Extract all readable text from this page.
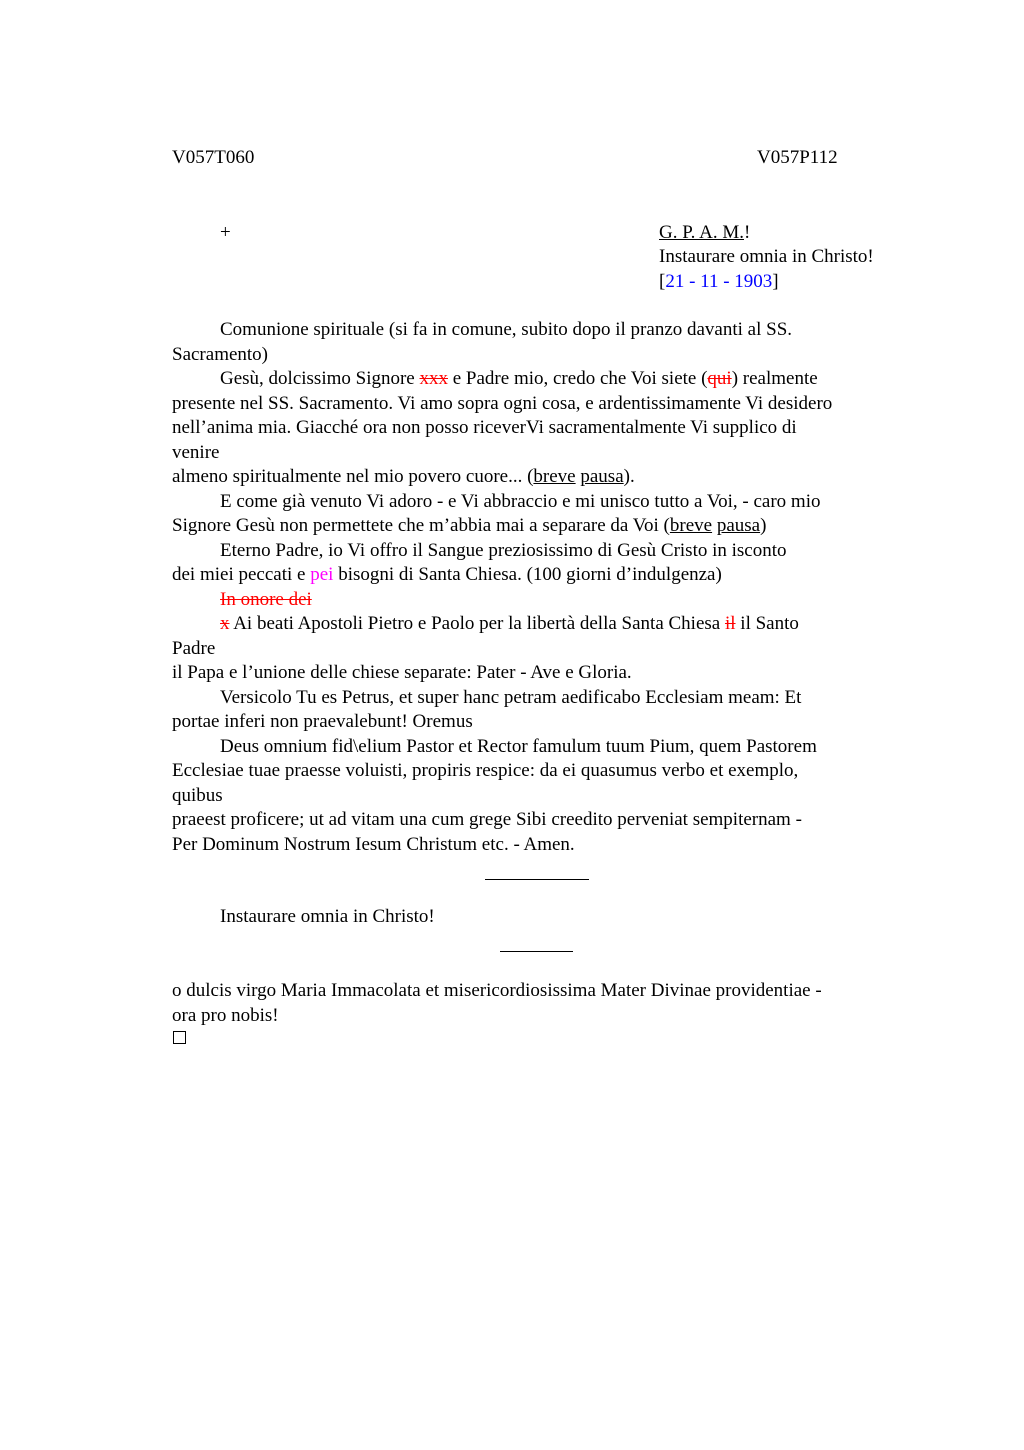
V057T060	V057P112
+	G. P. A. M.!
Instaurare omnia in Christo!
[21 - 11 - 1903]
Comunione spirituale (si fa in comune, subito dopo il pranzo davanti al SS.
Sacramento)
Gesù, dolcissimo Signore xxx e Padre mio, credo che Voi siete (qui) realmente
presente nel SS. Sacramento. Vi amo sopra ogni cosa, e ardentissimamente Vi desidero
nell’anima mia. Giacché ora non posso riceverVi sacramentalmente Vi supplico di
venire
almeno spiritualmente nel mio povero cuore... (breve pausa).
E come già venuto Vi adoro - e Vi abbraccio e mi unisco tutto a Voi, - caro mio
Signore Gesù non permettete che m’abbia mai a separare da Voi (breve pausa)
Eterno Padre, io Vi offro il Sangue preziosissimo di Gesù Cristo in isconto
dei miei peccati e pei bisogni di Santa Chiesa. (100 giorni d’indulgenza)
In onore dei
x Ai beati Apostoli Pietro e Paolo per la libertà della Santa Chiesa il il Santo
Padre
il Papa e l’unione delle chiese separate: Pater - Ave e Gloria.
Versicolo Tu es Petrus, et super hanc petram aedificabo Ecclesiam meam: Et
portae inferi non praevalebunt! Oremus
Deus omnium fid\elium Pastor et Rector famulum tuum Pium, quem Pastorem
Ecclesiae tuae praesse voluisti, propiris respice: da ei quasumus verbo et exemplo,
quibus
praeest proficere; ut ad vitam una cum grege Sibi creedito perveniat sempiternam -
Per Dominum Nostrum Iesum Christum etc. - Amen.
Instaurare omnia in Christo!
o dulcis virgo Maria Immacolata et misericordiosissima Mater Divinae providentiae -
ora pro nobis!
